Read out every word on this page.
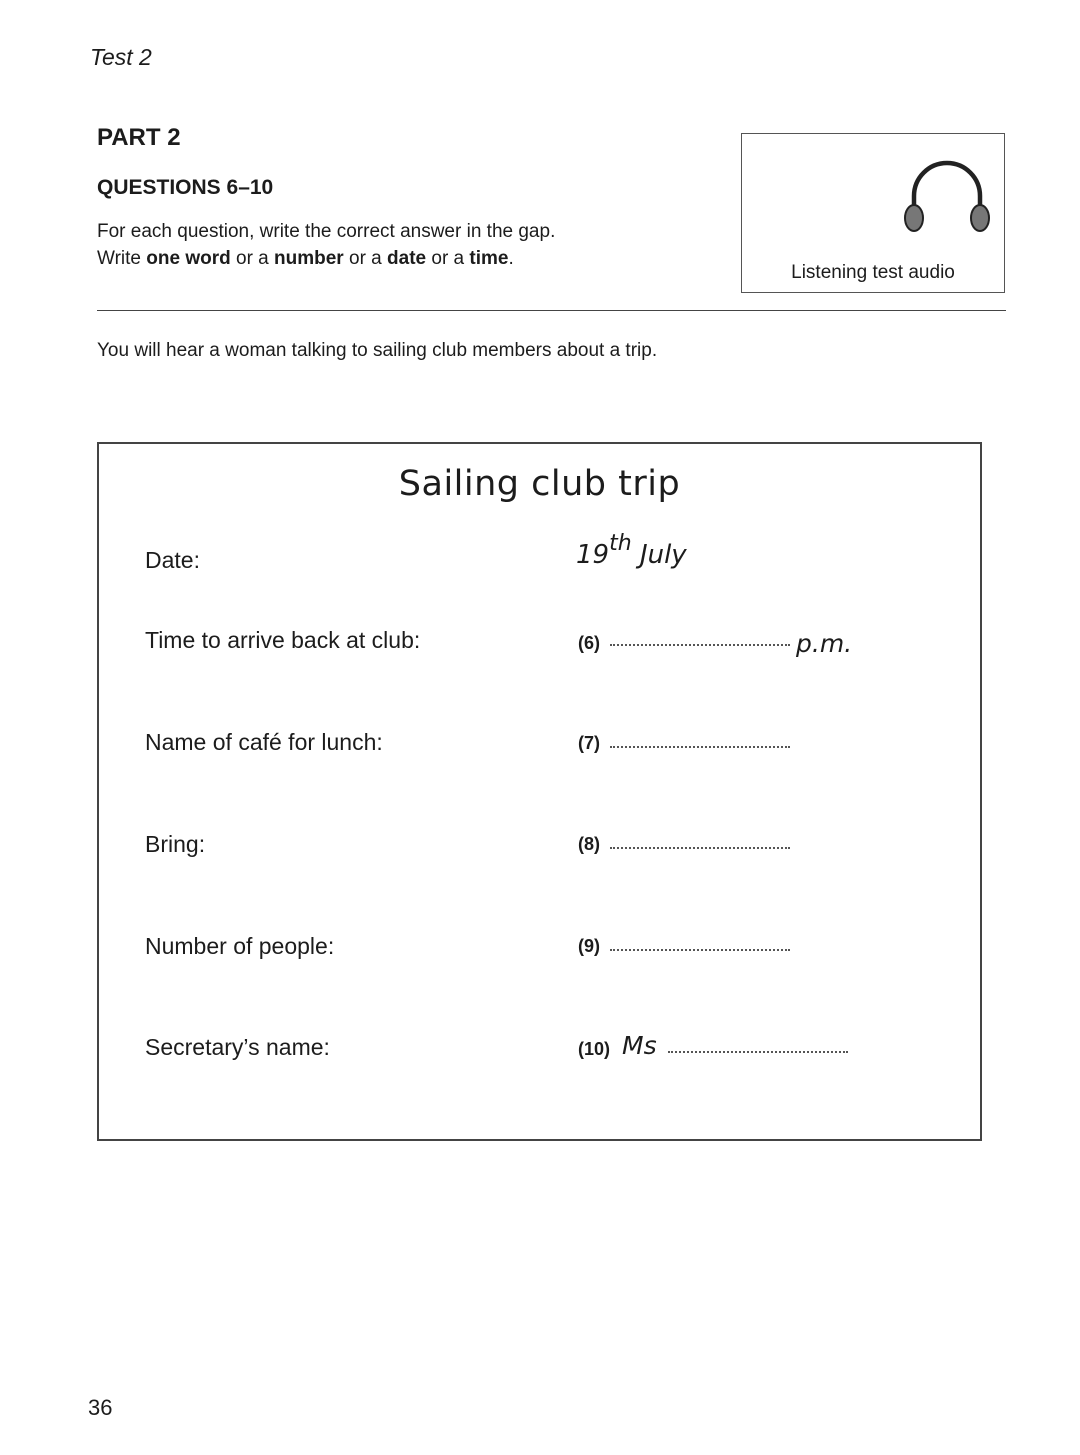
Test 2
PART 2
QUESTIONS 6–10
For each question, write the correct answer in the gap.
Write one word or a number or a date or a time.
Listening test audio
You will hear a woman talking to sailing club members about a trip.
Sailing club trip
Date:	19th July
Time to arrive back at club:	(6)	p.m.
Name of café for lunch:	(7)
Bring:	(8)
Number of people:	(9)
Secretary’s name:	(10) Ms
36
